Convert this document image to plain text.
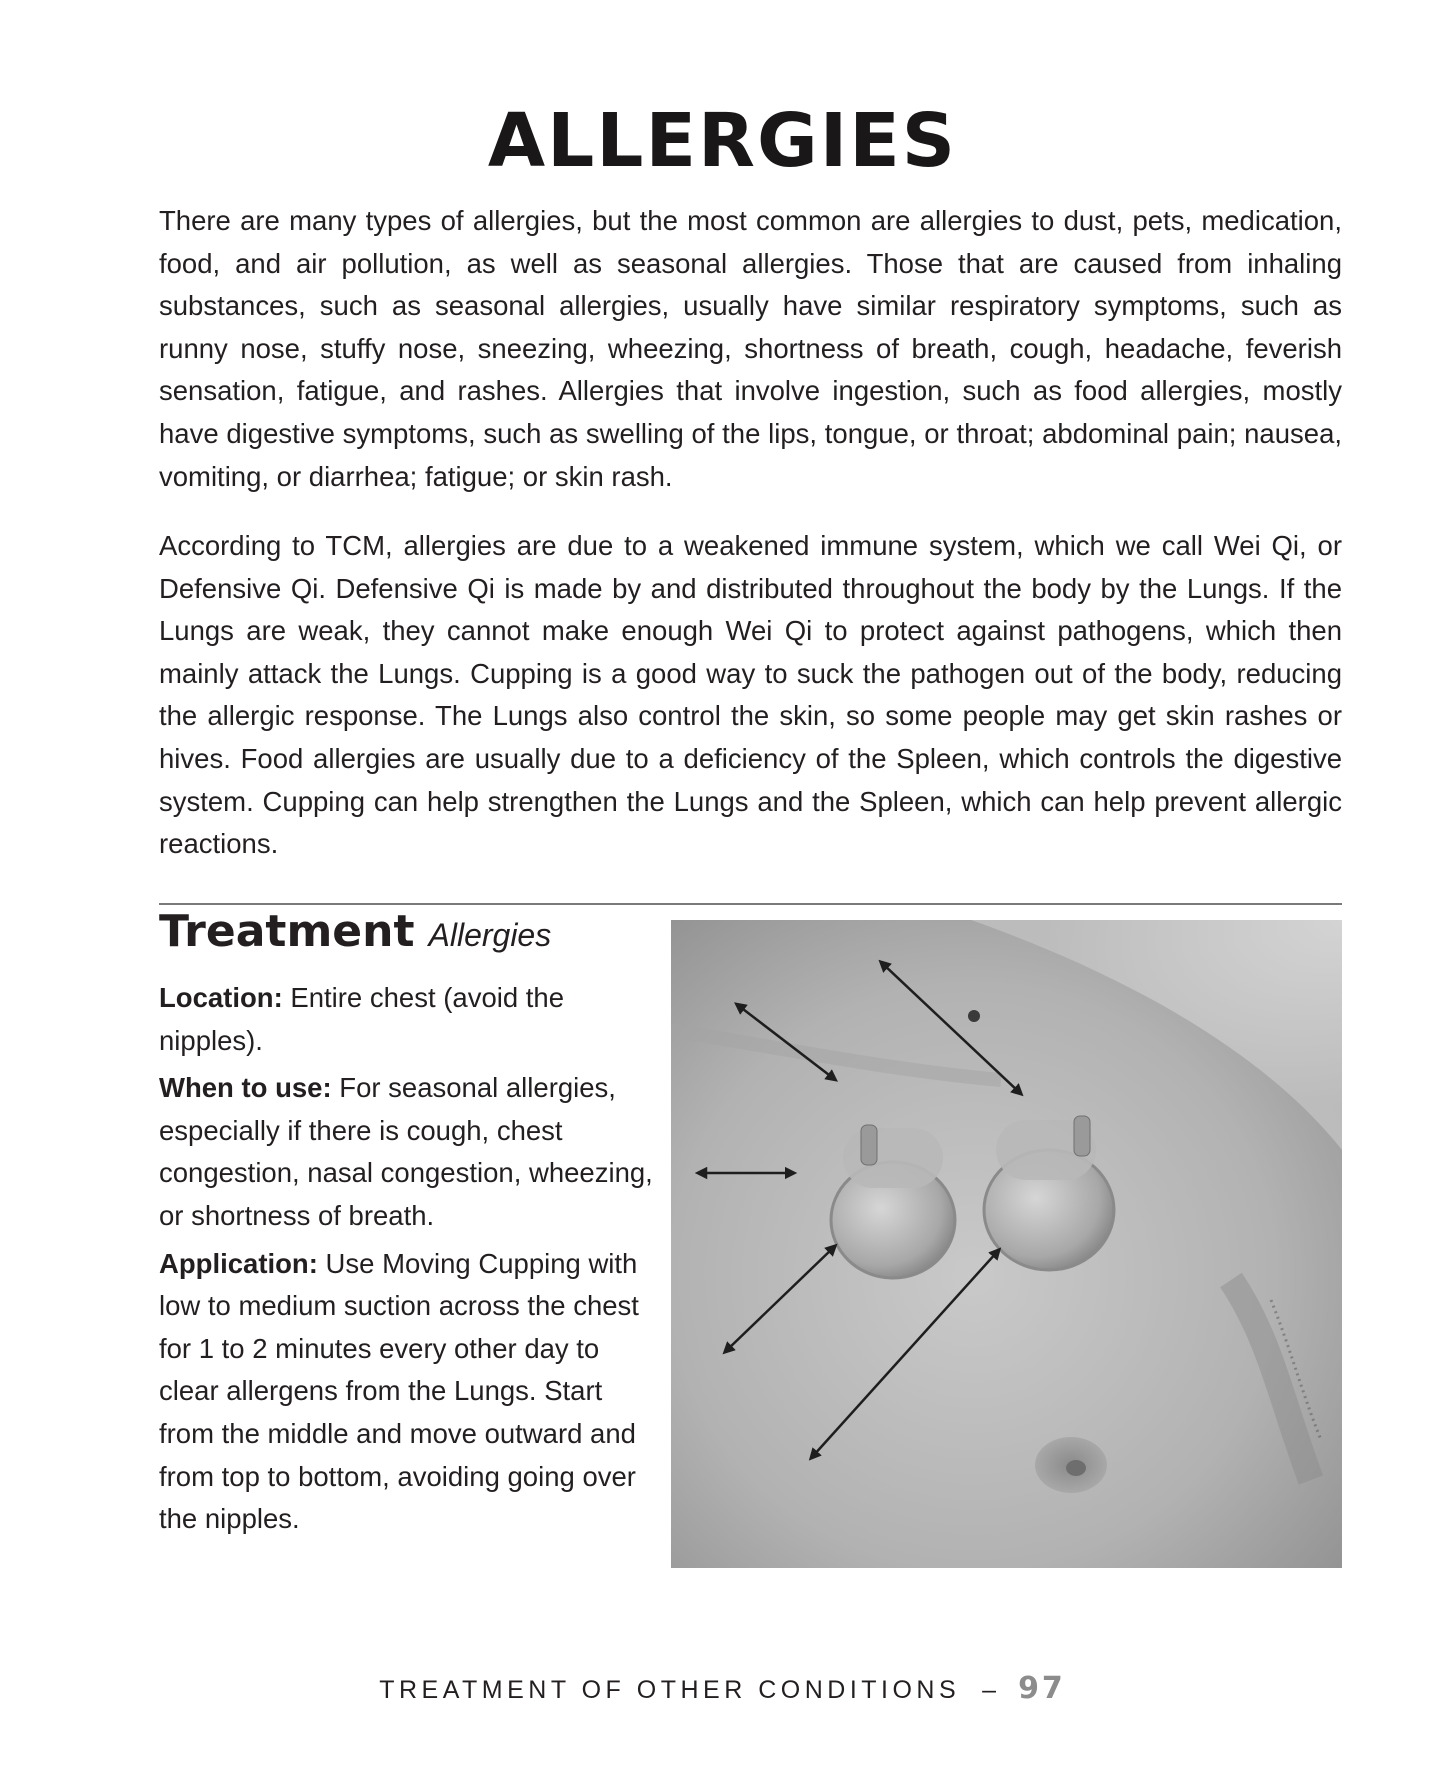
ALLERGIES

There are many types of allergies, but the most common are allergies to dust, pets, medication, food, and air pollution, as well as seasonal allergies. Those that are caused from inhaling substances, such as seasonal allergies, usually have similar respiratory symptoms, such as runny nose, stuffy nose, sneezing, wheezing, shortness of breath, cough, headache, feverish sensation, fatigue, and rashes. Allergies that involve ingestion, such as food allergies, mostly have digestive symptoms, such as swelling of the lips, tongue, or throat; abdominal pain; nausea, vomiting, or diarrhea; fatigue; or skin rash.

According to TCM, allergies are due to a weakened immune system, which we call Wei Qi, or Defensive Qi. Defensive Qi is made by and distributed throughout the body by the Lungs. If the Lungs are weak, they cannot make enough Wei Qi to protect against pathogens, which then mainly attack the Lungs. Cupping is a good way to suck the pathogen out of the body, reducing the allergic response. The Lungs also control the skin, so some people may get skin rashes or hives. Food allergies are usually due to a deficiency of the Spleen, which controls the digestive system. Cupping can help strengthen the Lungs and the Spleen, which can help prevent allergic reactions.

Treatment Allergies

Location: Entire chest (avoid the nipples).

When to use: For seasonal allergies, especially if there is cough, chest congestion, nasal congestion, wheezing, or shortness of breath.

Application: Use Moving Cupping with low to medium suction across the chest for 1 to 2 minutes every other day to clear allergens from the Lungs. Start from the middle and move outward and from top to bottom, avoiding going over the nipples.

TREATMENT OF OTHER CONDITIONS – 97
